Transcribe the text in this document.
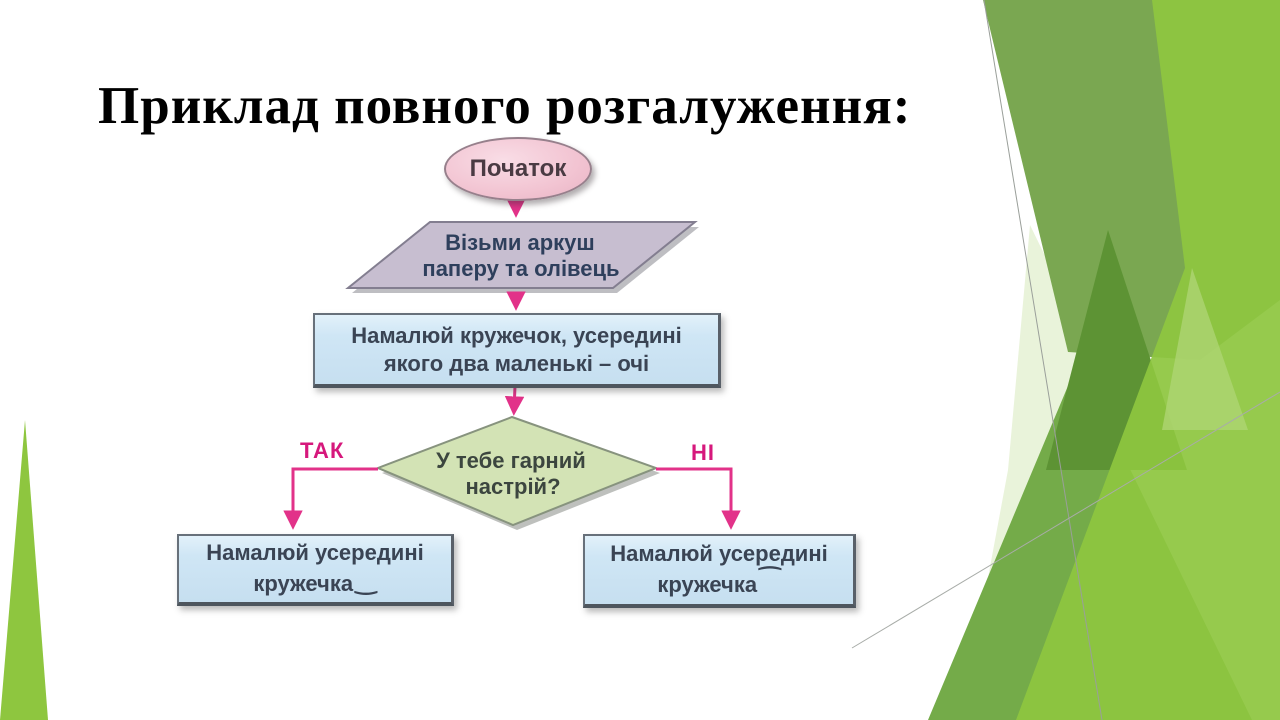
Приклад повного розгалуження:
Візьми аркуш паперу та олівець
У тебе гарний настрій?
Початок
Намалюй кружечок, усередині
якого два маленькі – очі
ТАК	НІ
Намалюй усередині
кружечка‿
Намалюй усередині
кружечка⁀
